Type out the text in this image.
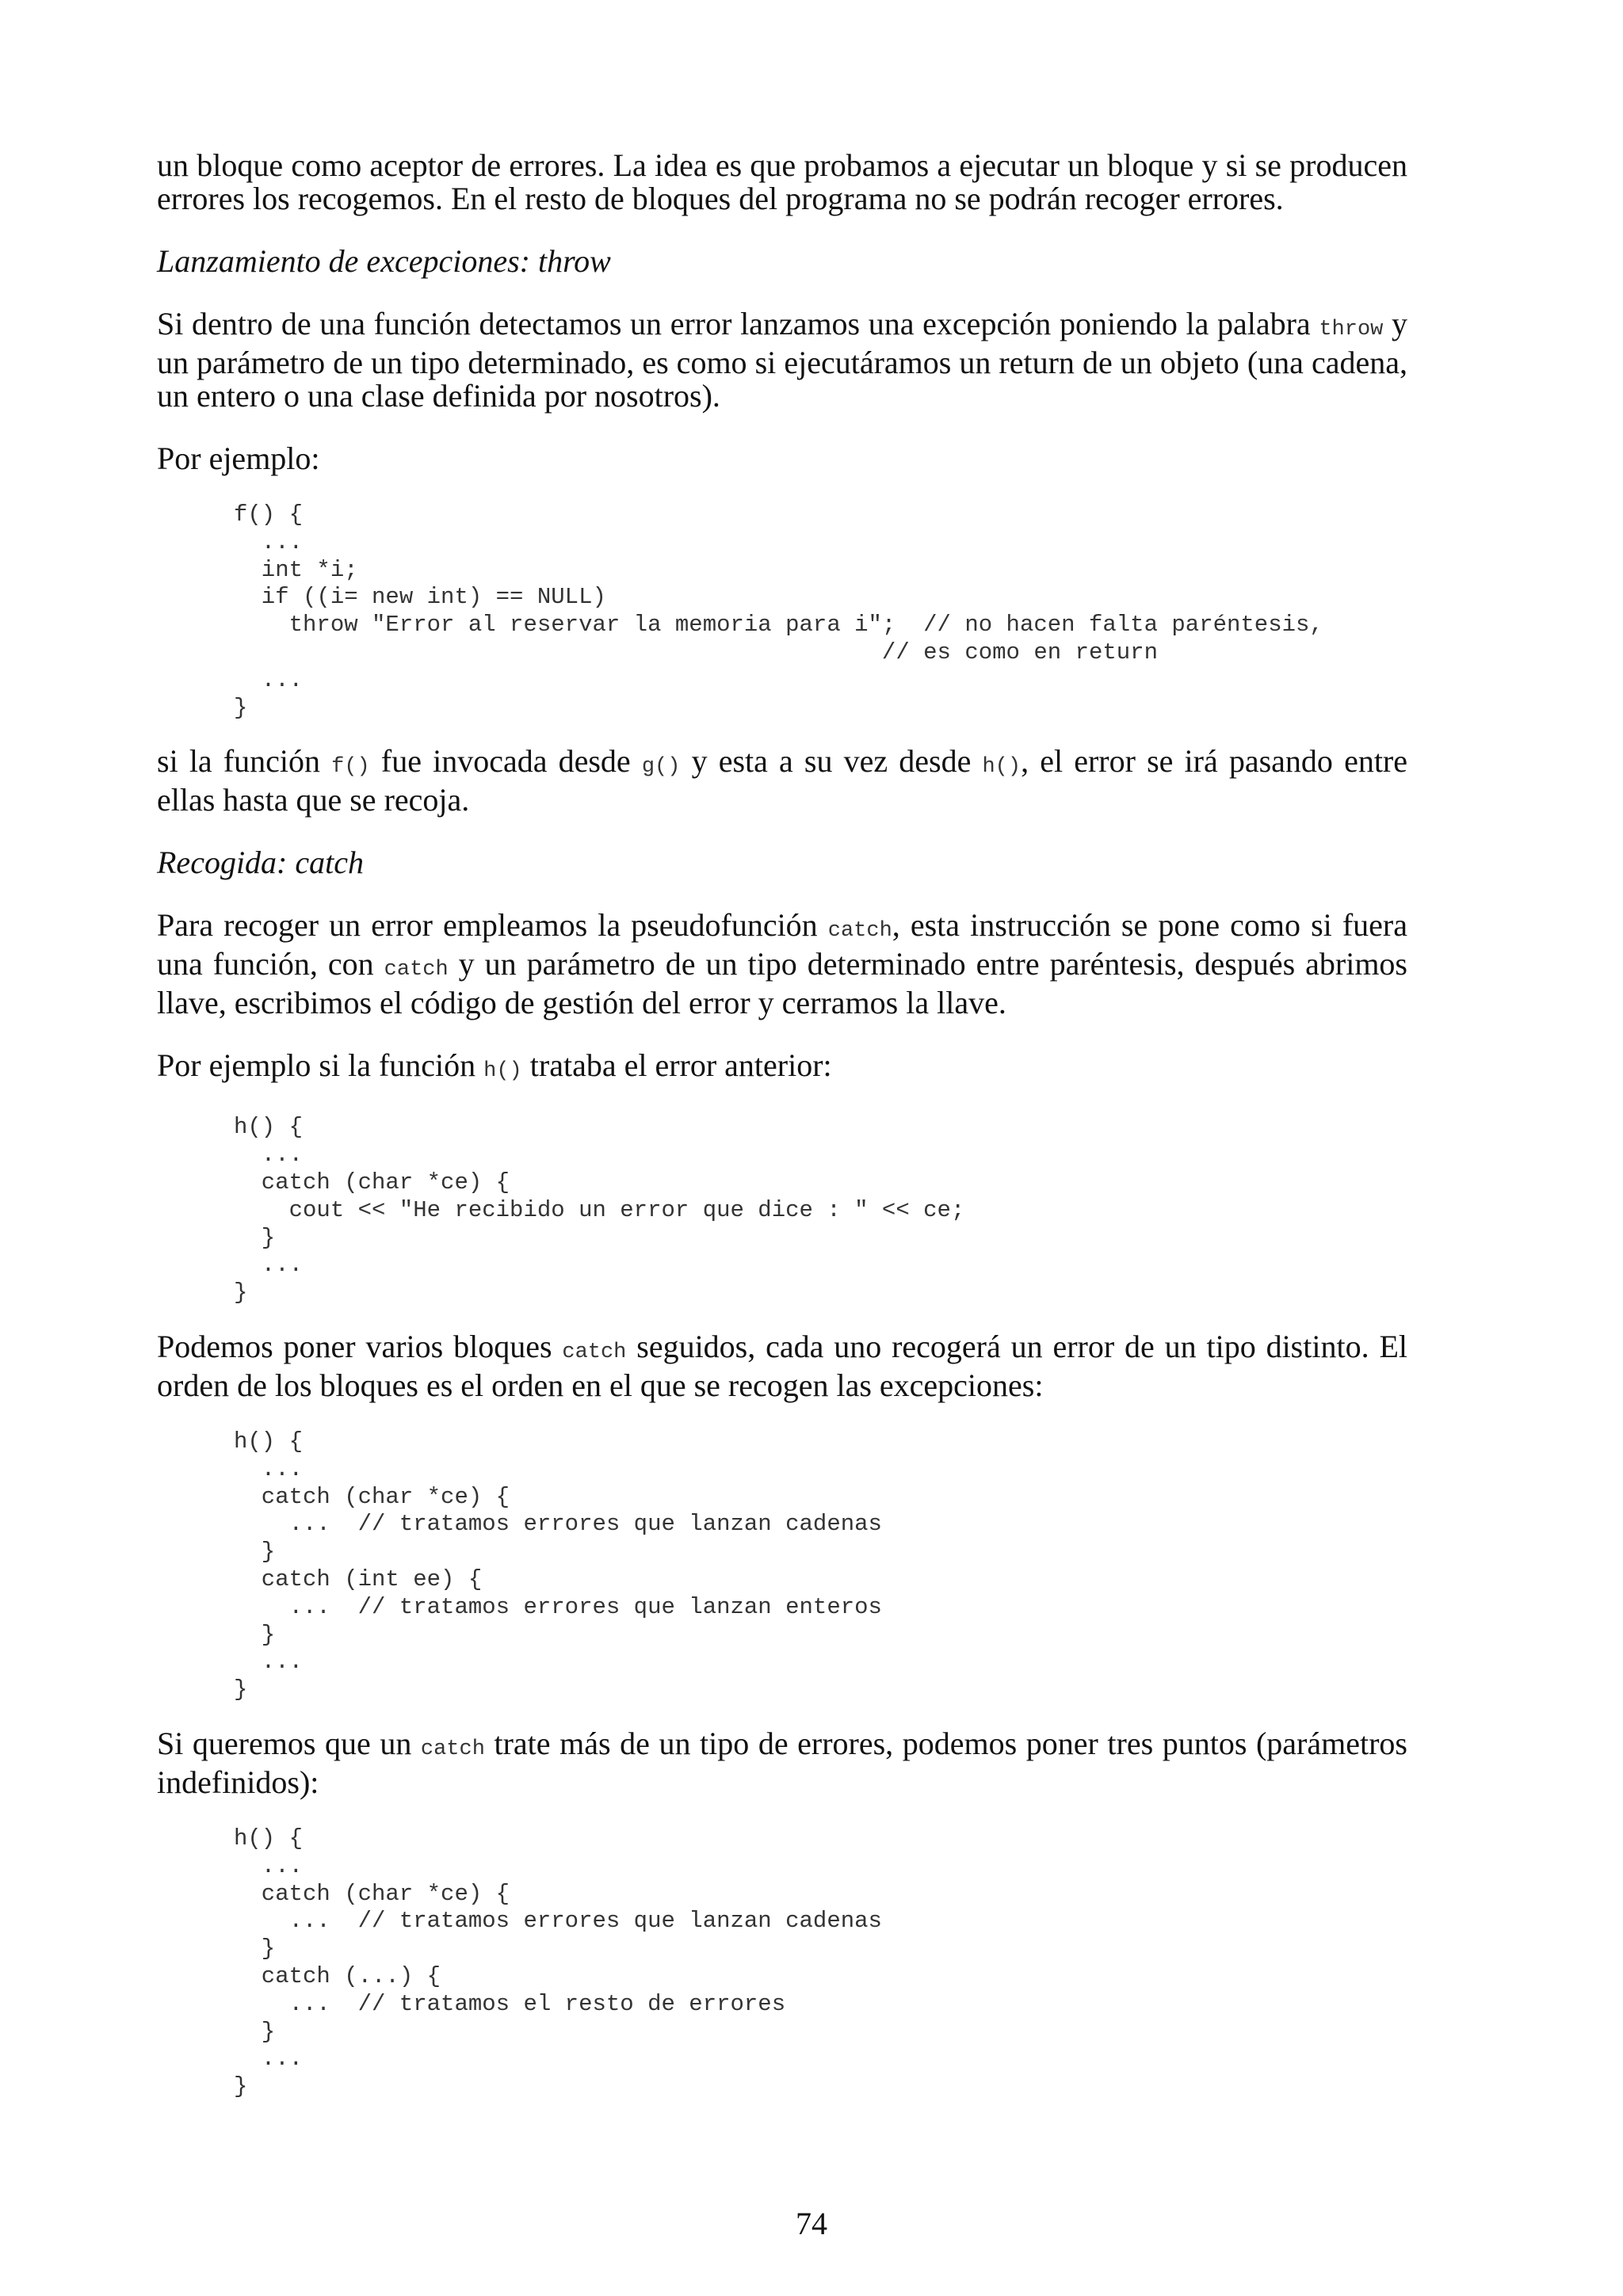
un bloque como aceptor de errores. La idea es que probamos a ejecutar un bloque y si se producen errores los recogemos. En el resto de bloques del programa no se podrán recoger errores.

Lanzamiento de excepciones: throw

Si dentro de una función detectamos un error lanzamos una excepción poniendo la palabra throw y un parámetro de un tipo determinado, es como si ejecutáramos un return de un objeto (una cadena, un entero o una clase definida por nosotros).

Por ejemplo:

f() {
...
int *i;
if ((i= new int) == NULL)
throw "Error al reservar la memoria para i";  // no hacen falta paréntesis,
// es como en return
...
}

si la función f() fue invocada desde g() y esta a su vez desde h(), el error se irá pasando entre ellas hasta que se recoja.

Recogida: catch

Para recoger un error empleamos la pseudofunción catch, esta instrucción se pone como si fuera una función, con catch y un parámetro de un tipo determinado entre paréntesis, después abrimos llave, escribimos el código de gestión del error y cerramos la llave.

Por ejemplo si la función h() trataba el error anterior:

h() {
...
catch (char *ce) {
cout << "He recibido un error que dice : " << ce;
}
...
}

Podemos poner varios bloques catch seguidos, cada uno recogerá un error de un tipo distinto. El orden de los bloques es el orden en el que se recogen las excepciones:

h() {
...
catch (char *ce) {
...  // tratamos errores que lanzan cadenas
}
catch (int ee) {
...  // tratamos errores que lanzan enteros
}
...
}

Si queremos que un catch trate más de un tipo de errores, podemos poner tres puntos (parámetros indefinidos):

h() {
...
catch (char *ce) {
...  // tratamos errores que lanzan cadenas
}
catch (...) {
...  // tratamos el resto de errores
}
...
}
74
